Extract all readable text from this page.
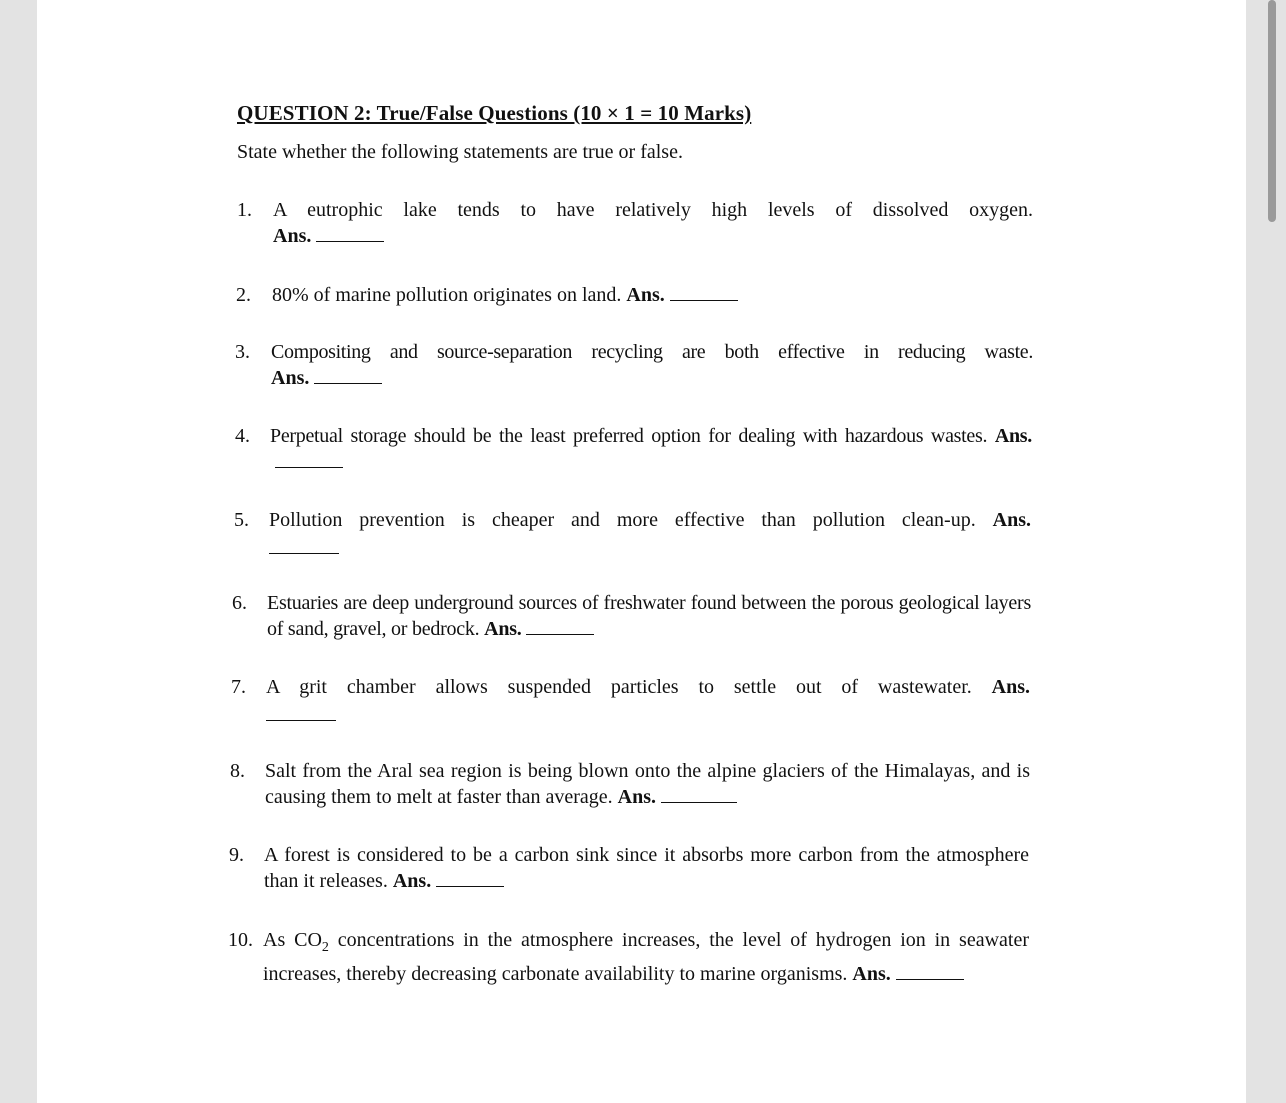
QUESTION 2: True/False Questions (10 × 1 = 10 Marks)
State whether the following statements are true or false.
1. A eutrophic lake tends to have relatively high levels of dissolved oxygen.
Ans.
2. 80% of marine pollution originates on land. Ans.
3. Compositing and source-separation recycling are both effective in reducing waste.
Ans.
4. Perpetual storage should be the least preferred option for dealing with hazardous wastes. Ans.
5. Pollution prevention is cheaper and more effective than pollution clean-up. Ans.
6. Estuaries are deep underground sources of freshwater found between the porous geological layers of sand, gravel, or bedrock. Ans.
7. A grit chamber allows suspended particles to settle out of wastewater. Ans.
8. Salt from the Aral sea region is being blown onto the alpine glaciers of the Himalayas, and is causing them to melt at faster than average. Ans.
9. A forest is considered to be a carbon sink since it absorbs more carbon from the atmosphere than it releases. Ans.
10. As $CO_2$ concentrations in the atmosphere increases, the level of hydrogen ion in seawater increases, thereby decreasing carbonate availability to marine organisms. Ans.
